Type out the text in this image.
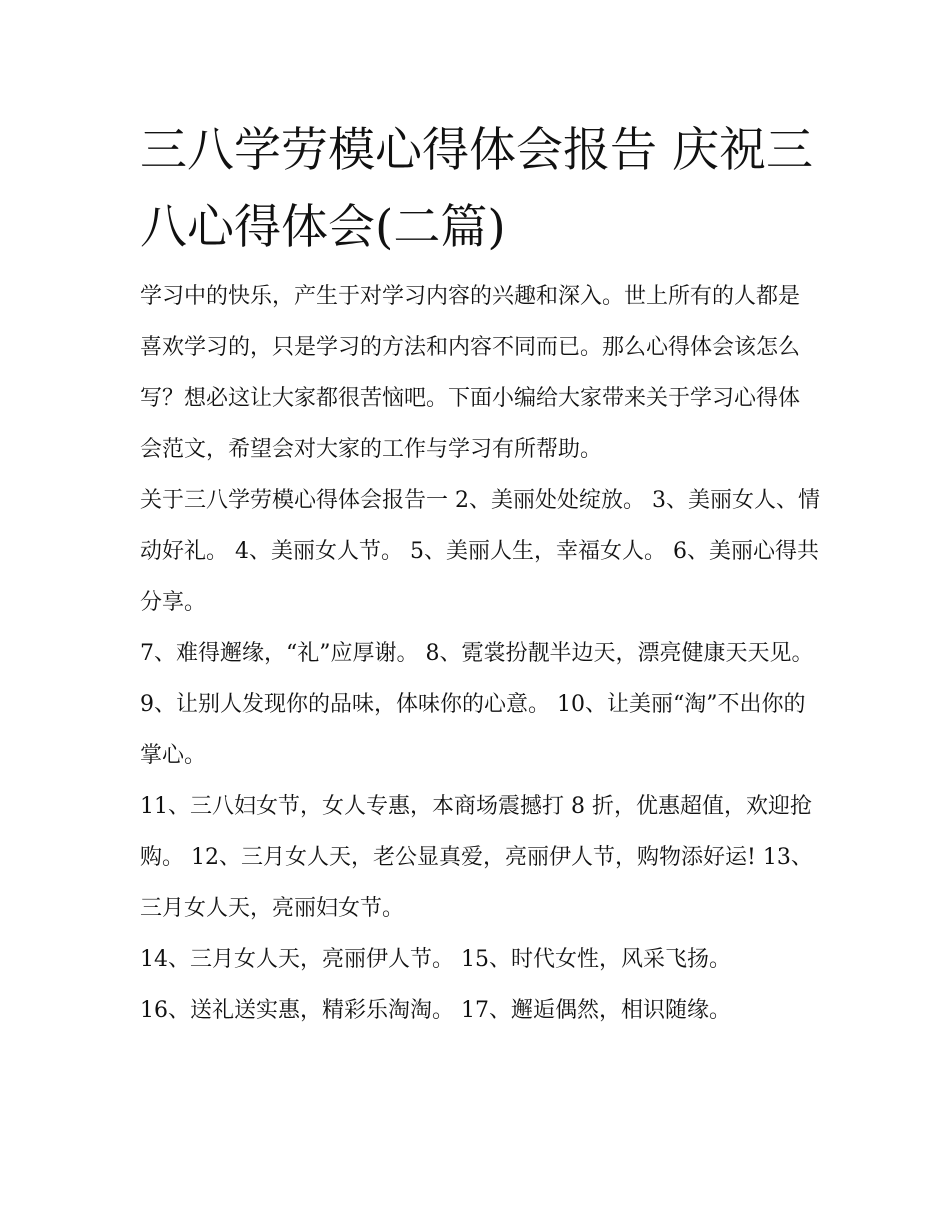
三八学劳模心得体会报告 庆祝三八心得体会(二篇)

学习中的快乐，产生于对学习内容的兴趣和深入。世上所有的人都是喜欢学习的，只是学习的方法和内容不同而已。那么心得体会该怎么写？想必这让大家都很苦恼吧。下面小编给大家带来关于学习心得体会范文，希望会对大家的工作与学习有所帮助。

关于三八学劳模心得体会报告一 2、美丽处处绽放。 3、美丽女人、情动好礼。 4、美丽女人节。 5、美丽人生，幸福女人。 6、美丽心得共分享。

7、难得邂缘，“礼”应厚谢。 8、霓裳扮靓半边天，漂亮健康天天见。 9、让别人发现你的品味，体味你的心意。 10、让美丽“淘”不出你的掌心。

11、三八妇女节，女人专惠，本商场震撼打 8 折，优惠超值，欢迎抢购。 12、三月女人天，老公显真爱，亮丽伊人节，购物添好运! 13、三月女人天，亮丽妇女节。

14、三月女人天，亮丽伊人节。 15、时代女性，风采飞扬。

16、送礼送实惠，精彩乐淘淘。 17、邂逅偶然，相识随缘。
